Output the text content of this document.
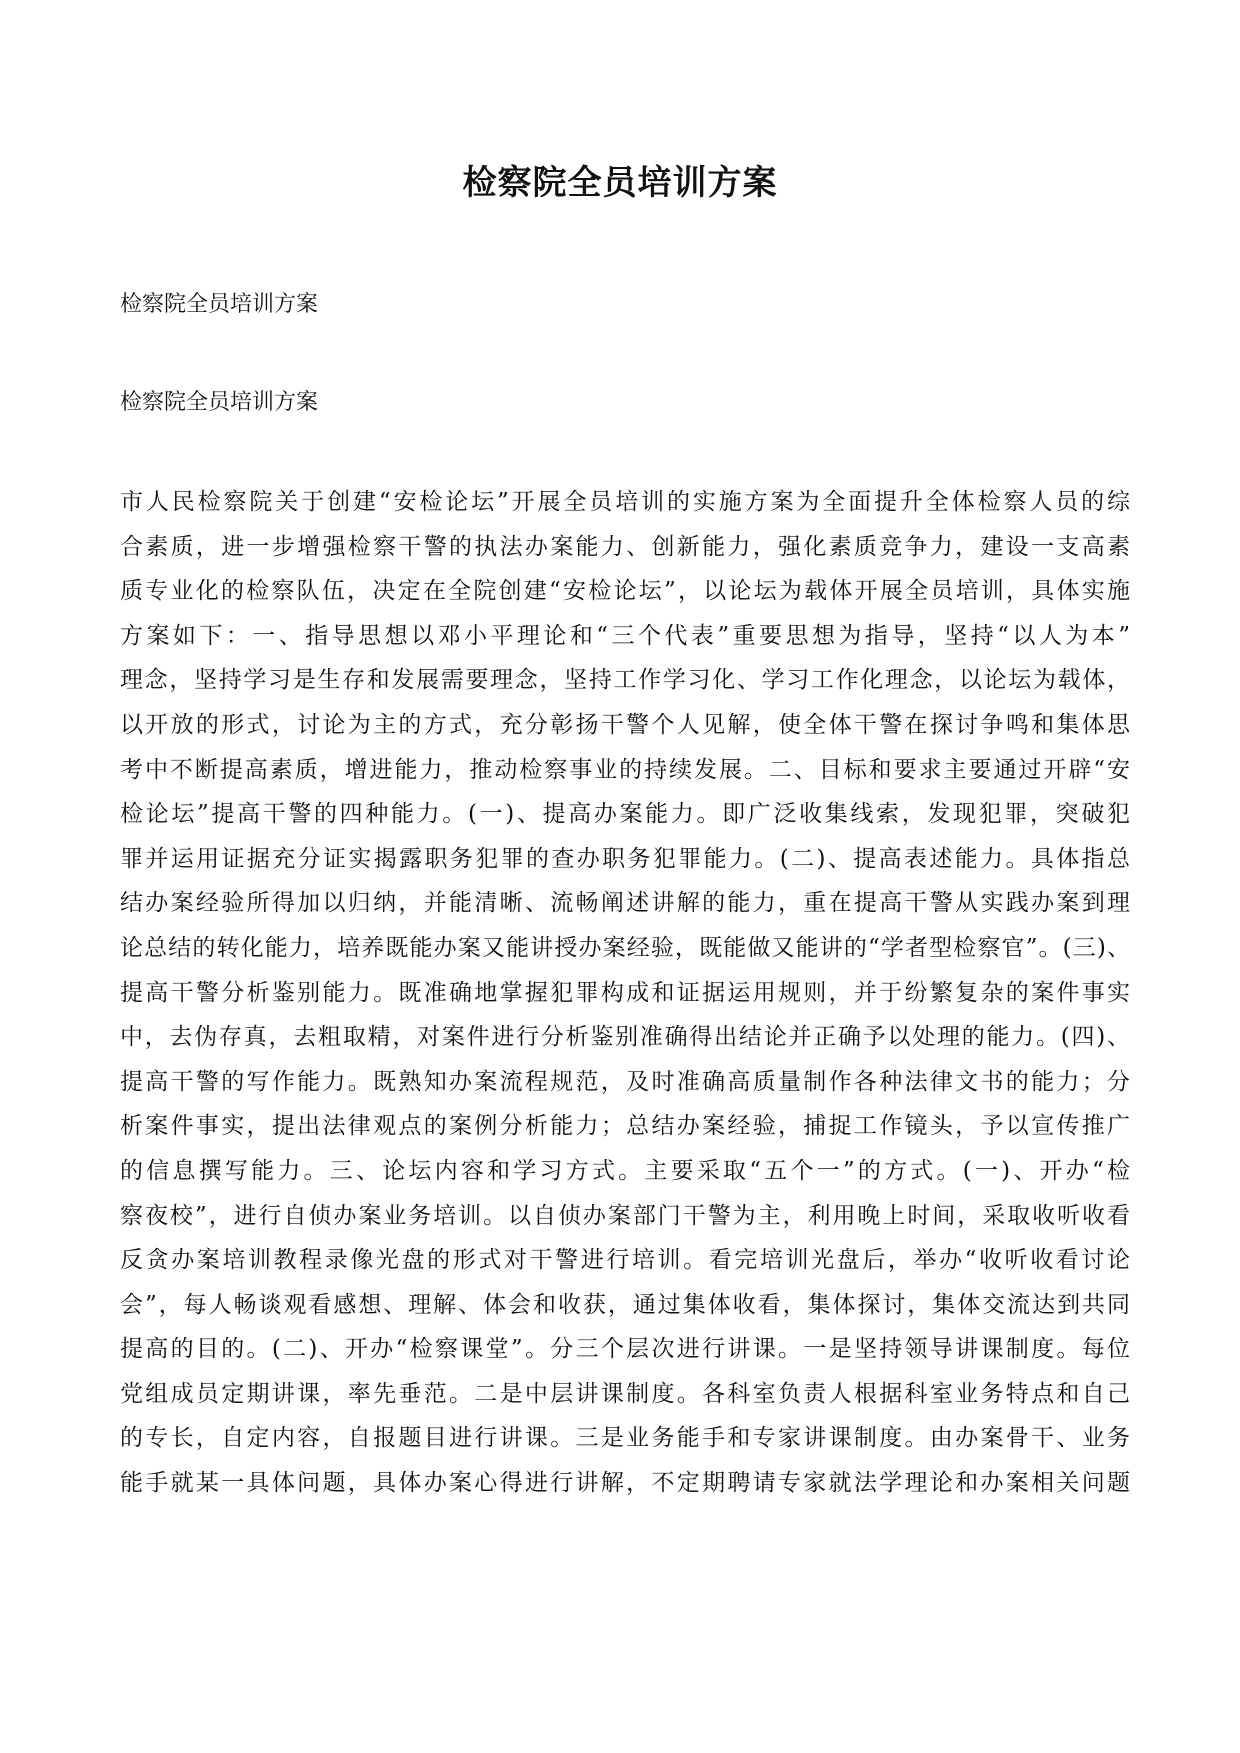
检察院全员培训方案

检察院全员培训方案

检察院全员培训方案

市人民检察院关于创建“安检论坛”开展全员培训的实施方案为全面提升全体检察人员的综
合素质，进一步增强检察干警的执法办案能力、创新能力，强化素质竞争力，建设一支高素
质专业化的检察队伍，决定在全院创建“安检论坛”，以论坛为载体开展全员培训，具体实施
方案如下：一、指导思想以邓小平理论和“三个代表”重要思想为指导，坚持“以人为本”
理念，坚持学习是生存和发展需要理念，坚持工作学习化、学习工作化理念，以论坛为载体，
以开放的形式，讨论为主的方式，充分彰扬干警个人见解，使全体干警在探讨争鸣和集体思
考中不断提高素质，增进能力，推动检察事业的持续发展。二、目标和要求主要通过开辟“安
检论坛”提高干警的四种能力。(一)、提高办案能力。即广泛收集线索，发现犯罪，突破犯
罪并运用证据充分证实揭露职务犯罪的查办职务犯罪能力。(二)、提高表述能力。具体指总
结办案经验所得加以归纳，并能清晰、流畅阐述讲解的能力，重在提高干警从实践办案到理
论总结的转化能力，培养既能办案又能讲授办案经验，既能做又能讲的“学者型检察官”。(三)、
提高干警分析鉴别能力。既准确地掌握犯罪构成和证据运用规则，并于纷繁复杂的案件事实
中，去伪存真，去粗取精，对案件进行分析鉴别准确得出结论并正确予以处理的能力。(四)、
提高干警的写作能力。既熟知办案流程规范，及时准确高质量制作各种法律文书的能力；分
析案件事实，提出法律观点的案例分析能力；总结办案经验，捕捉工作镜头，予以宣传推广
的信息撰写能力。三、论坛内容和学习方式。主要采取“五个一”的方式。(一)、开办“检
察夜校”，进行自侦办案业务培训。以自侦办案部门干警为主，利用晚上时间，采取收听收看
反贪办案培训教程录像光盘的形式对干警进行培训。看完培训光盘后，举办“收听收看讨论
会”，每人畅谈观看感想、理解、体会和收获，通过集体收看，集体探讨，集体交流达到共同
提高的目的。(二)、开办“检察课堂”。分三个层次进行讲课。一是坚持领导讲课制度。每位
党组成员定期讲课，率先垂范。二是中层讲课制度。各科室负责人根据科室业务特点和自己
的专长，自定内容，自报题目进行讲课。三是业务能手和专家讲课制度。由办案骨干、业务
能手就某一具体问题，具体办案心得进行讲解，不定期聘请专家就法学理论和办案相关问题
